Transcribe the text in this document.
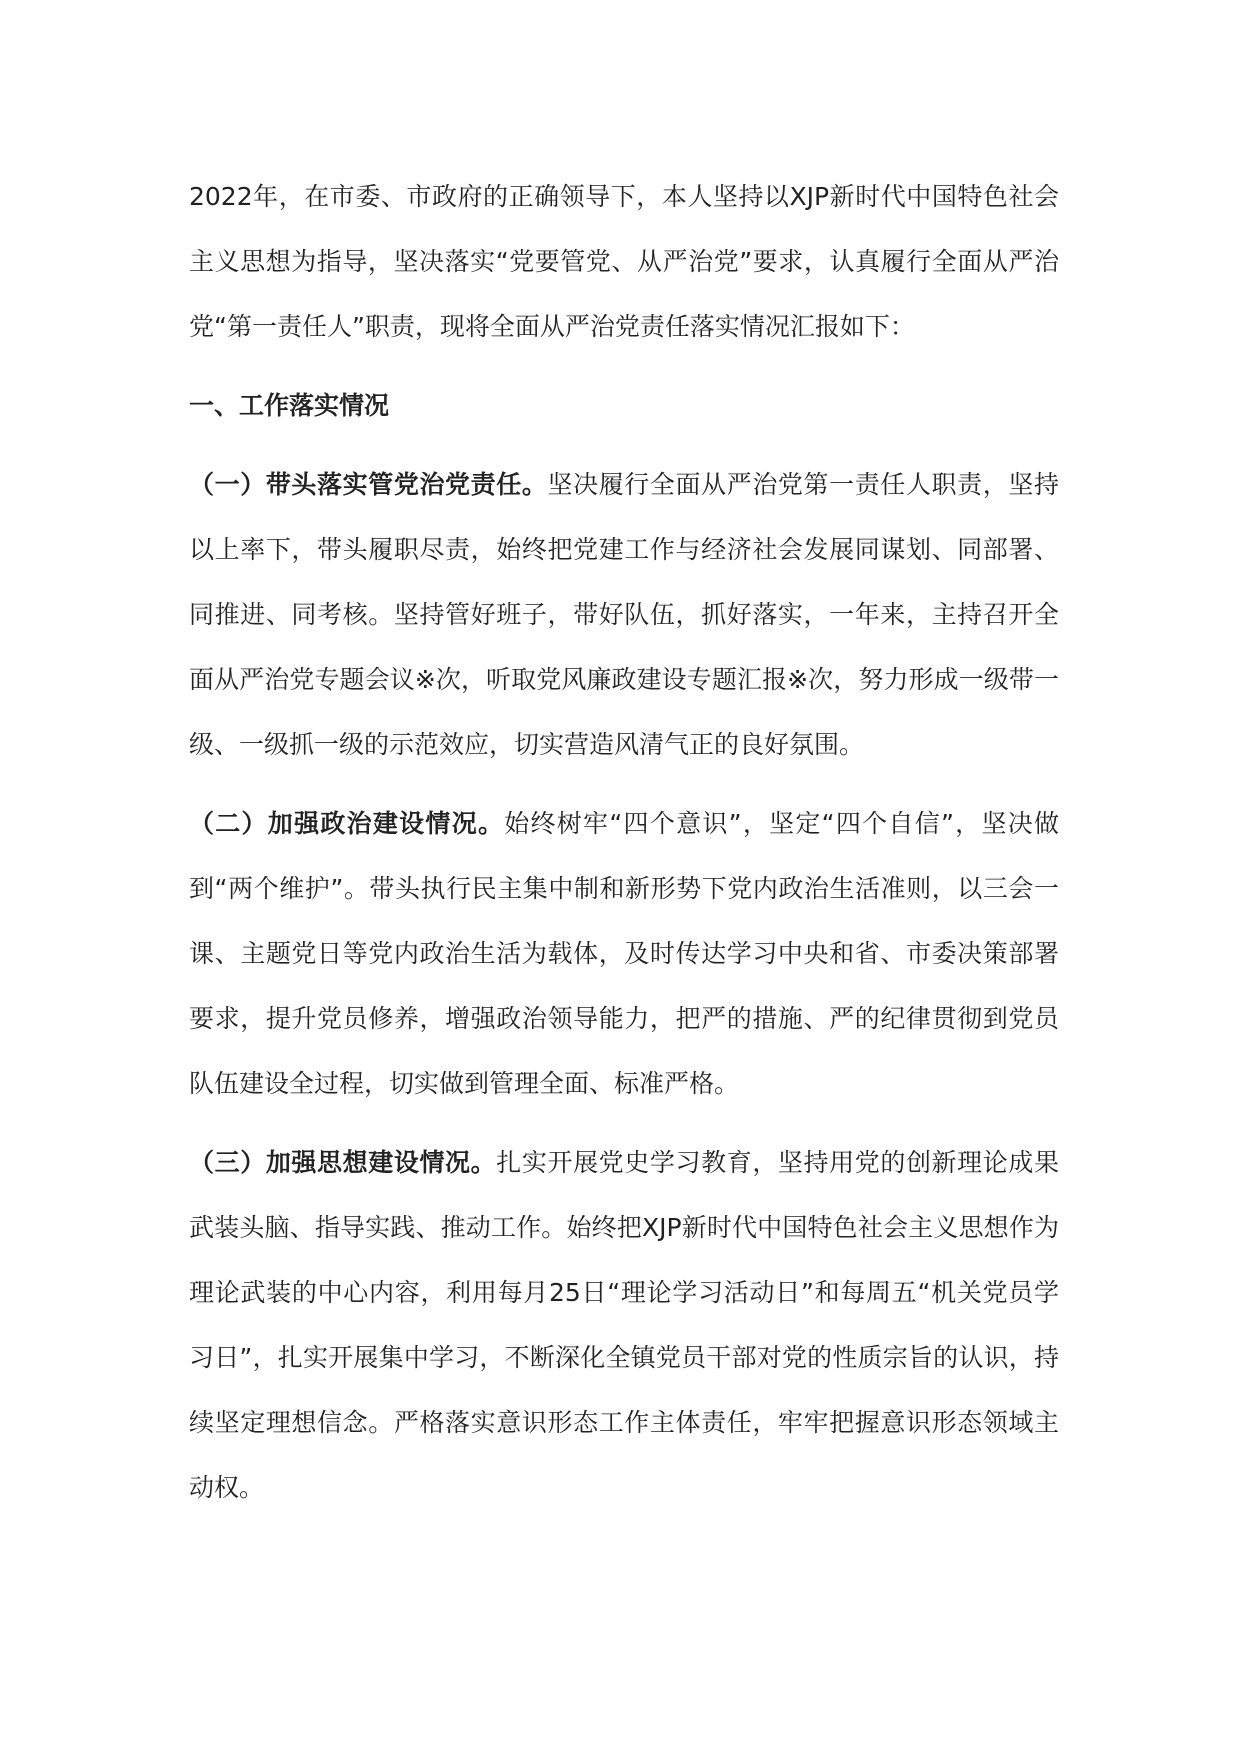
2022年，在市委、市政府的正确领导下，本人坚持以XJP新时代中国特色社会主义思想为指导，坚决落实“党要管党、从严治党”要求，认真履行全面从严治党“第一责任人”职责，现将全面从严治党责任落实情况汇报如下：

一、工作落实情况

（一）带头落实管党治党责任。坚决履行全面从严治党第一责任人职责，坚持以上率下，带头履职尽责，始终把党建工作与经济社会发展同谋划、同部署、同推进、同考核。坚持管好班子，带好队伍，抓好落实，一年来，主持召开全面从严治党专题会议※次，听取党风廉政建设专题汇报※次，努力形成一级带一级、一级抓一级的示范效应，切实营造风清气正的良好氛围。

（二）加强政治建设情况。始终树牢“四个意识”，坚定“四个自信”，坚决做到“两个维护”。带头执行民主集中制和新形势下党内政治生活准则，以三会一课、主题党日等党内政治生活为载体，及时传达学习中央和省、市委决策部署要求，提升党员修养，增强政治领导能力，把严的措施、严的纪律贯彻到党员队伍建设全过程，切实做到管理全面、标准严格。

（三）加强思想建设情况。扎实开展党史学习教育，坚持用党的创新理论成果武装头脑、指导实践、推动工作。始终把XJP新时代中国特色社会主义思想作为理论武装的中心内容，利用每月25日“理论学习活动日”和每周五“机关党员学习日”，扎实开展集中学习，不断深化全镇党员干部对党的性质宗旨的认识，持续坚定理想信念。严格落实意识形态工作主体责任，牢牢把握意识形态领域主动权。
